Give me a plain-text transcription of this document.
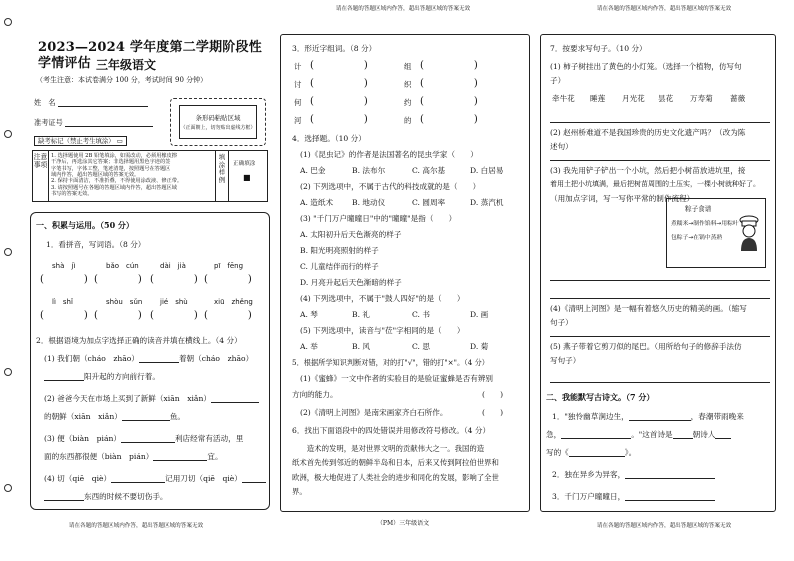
2023—2024 学年度第二学期阶段性学情评估 三年级语文
（考生注意：本试卷满分 100 分，考试时间 90 分钟）
姓　名
准考证号
缺考标记（禁止考生填涂） ▭
条形码粘贴区域
（正面朝上，切勿贴出虚线方框）
注意事项
1. 选择题使用 2B 铅笔填涂，如需改动，必须用橡皮擦
干净后，再选涂其它答案；非选择题用黑色字迹的签
字笔书写，字体工整，笔迹清楚，按照题号在答题区
域内作答，超出答题区域的答案无效。
2. 保持卡面清洁，不准折叠，不得使用涂改液、修正带。
3. 请按照题号在各题的答题区域内作答，超出答题区域
书写的答案无效。
填涂样例
正确填涂
■
一、积累与运用。（50 分）
1．看拼音，写词语。（8 分）
shà　jì	bǎo　cún	dài　jià	pī　fēng
(　　　　) (　　　　) (　　　　) (　　　　)
lì　shǐ	shòu　sǔn	jié　shù	xiū　zhěng
(　　　　) (　　　　) (　　　　) (　　　　)
2．根据语境为加点字选择正确的读音并填在横线上。（4 分）
(1) 我们朝（cháo　zhāo）	着朝（cháo　zhāo）
阳升起的方向前行着。
(2) 爸爸今天在市场上买到了新鲜（xiān　xiǎn）
的朝鲜（xiān　xiǎn）	鱼。
(3) 便（biàn　pián）	利店经常有活动，里
面的东西都很便（biàn　pián）	宜。
(4) 切（qiē　qiè）	记用刀切（qiē　qiè）
东西的时候不要切伤手。
请在各题的答题区域内作答，超出答题区域的答案无效
请在各题的答题区域内作答，超出答题区域的答案无效
3．形近字组词。（8 分）
计 (　　　　　)	组 (　　　　　)
讨 (　　　　　)	织 (　　　　　)
何 (　　　　　)	约 (　　　　　)
河 (　　　　　)	的 (　　　　　)
4．选择题。（10 分）
(1)《昆虫记》的作者是法国著名的昆虫学家（　　）
A. 巴金	B. 法布尔	C. 高尔基	D. 白居易
(2) 下列选项中，不属于古代的科技成就的是（　　）
A. 造纸术 B. 地动仪	C. 圆周率	D. 蒸汽机
(3) "千门万户曈曈日"中的"曈曈"是指（　　）
A. 太阳初升后天色渐亮的样子
B. 阳光明亮照射的样子
C. 儿童结伴而行的样子
D. 月亮升起后天色渐暗的样子
(4) 下列选项中，不属于"鼓人四好"的是（　　）
A. 琴	B. 礼	C. 书	D. 画
(5) 下列选项中，读音与"莅"字相同的是（　　）
A. 举	B. 风	C. 思	D. 菊
5．根据所学知识判断对错，对的打"√"，错的打"×"。（4 分）
(1)《蜜蜂》一文中作者的实验目的是验证蜜蜂是否有辨别
方向的能力。	(　　)
(2)《清明上河图》是南宋画家齐白石所作。	(　　)
6．找出下面语段中的四处错误并用修改符号修改。（4 分）
　　造术的发明，是对世界文明的贡献伟大之一。我国的造
纸术首先传到邻近的朝鲜半岛和日本，后来又传到阿拉伯世界和
欧洲，极大地促进了人类社会的进步和同化的发展，影响了全世
界。
（PM）三年级语文
请在各题的答题区域内作答，超出答题区域的答案无效
7．按要求写句子。（10 分）
(1) 柿子树挂出了黄色的小灯笼。（选择一个植物，仿写句
子）
牵牛花 睡莲 月光花 昙花 万寿菊 蔷薇
(2) 赵州桥难道不是我国珍贵的历史文化遗产吗？（改为陈
述句）
(3) 我先用铲子铲出一个小坑，然后把小树苗放进坑里，接
着用土把小坑填满，最后把树苗周围的土压实，一棵小树就种好了。
（用加点字词，写一写你平常的制作流程）
粽子食谱
煮糯米→制作馅料→用粽叶
包粽子→在锅中蒸熟
(4)《清明上河图》是一幅有着悠久历史的精美的画。（缩写
句子）
(5) 燕子带着它剪刀似的尾巴。（用所给句子的修辞手法仿
写句子）
二、我能默写古诗文。（7 分）
1．"独怜幽草涧边生，	，春潮带雨晚来
急，	。"这首诗是	朝诗人
写的《	》。
2．独在异乡为异客，
3．千门万户曈曈日，
请在各题的答题区域内作答，超出答题区域的答案无效
